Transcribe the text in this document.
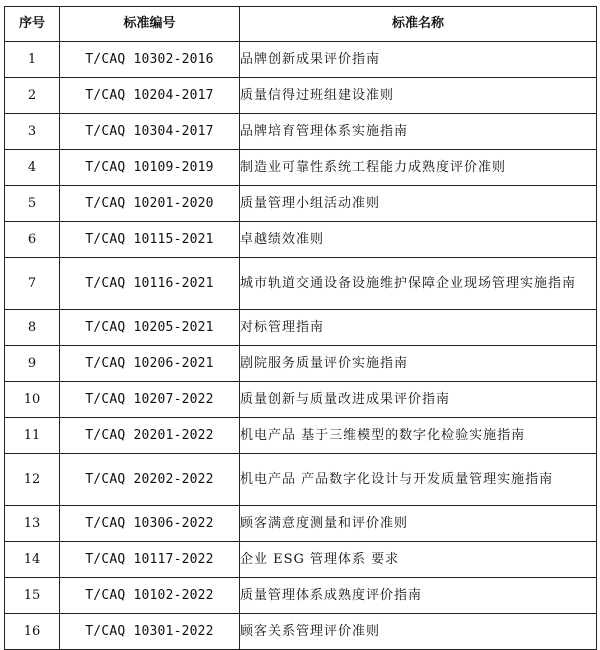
序号	标准编号	标准名称
1	T/CAQ 10302-2016	品牌创新成果评价指南
2	T/CAQ 10204-2017	质量信得过班组建设准则
3	T/CAQ 10304-2017	品牌培育管理体系实施指南
4	T/CAQ 10109-2019	制造业可靠性系统工程能力成熟度评价准则
5	T/CAQ 10201-2020	质量管理小组活动准则
6	T/CAQ 10115-2021	卓越绩效准则
7	T/CAQ 10116-2021	城市轨道交通设备设施维护保障企业现场管理实施指南
8	T/CAQ 10205-2021	对标管理指南
9	T/CAQ 10206-2021	剧院服务质量评价实施指南
10	T/CAQ 10207-2022	质量创新与质量改进成果评价指南
11	T/CAQ 20201-2022	机电产品 基于三维模型的数字化检验实施指南
12	T/CAQ 20202-2022	机电产品 产品数字化设计与开发质量管理实施指南
13	T/CAQ 10306-2022	顾客满意度测量和评价准则
14	T/CAQ 10117-2022	企业 ESG 管理体系 要求
15	T/CAQ 10102-2022	质量管理体系成熟度评价指南
16	T/CAQ 10301-2022	顾客关系管理评价准则
